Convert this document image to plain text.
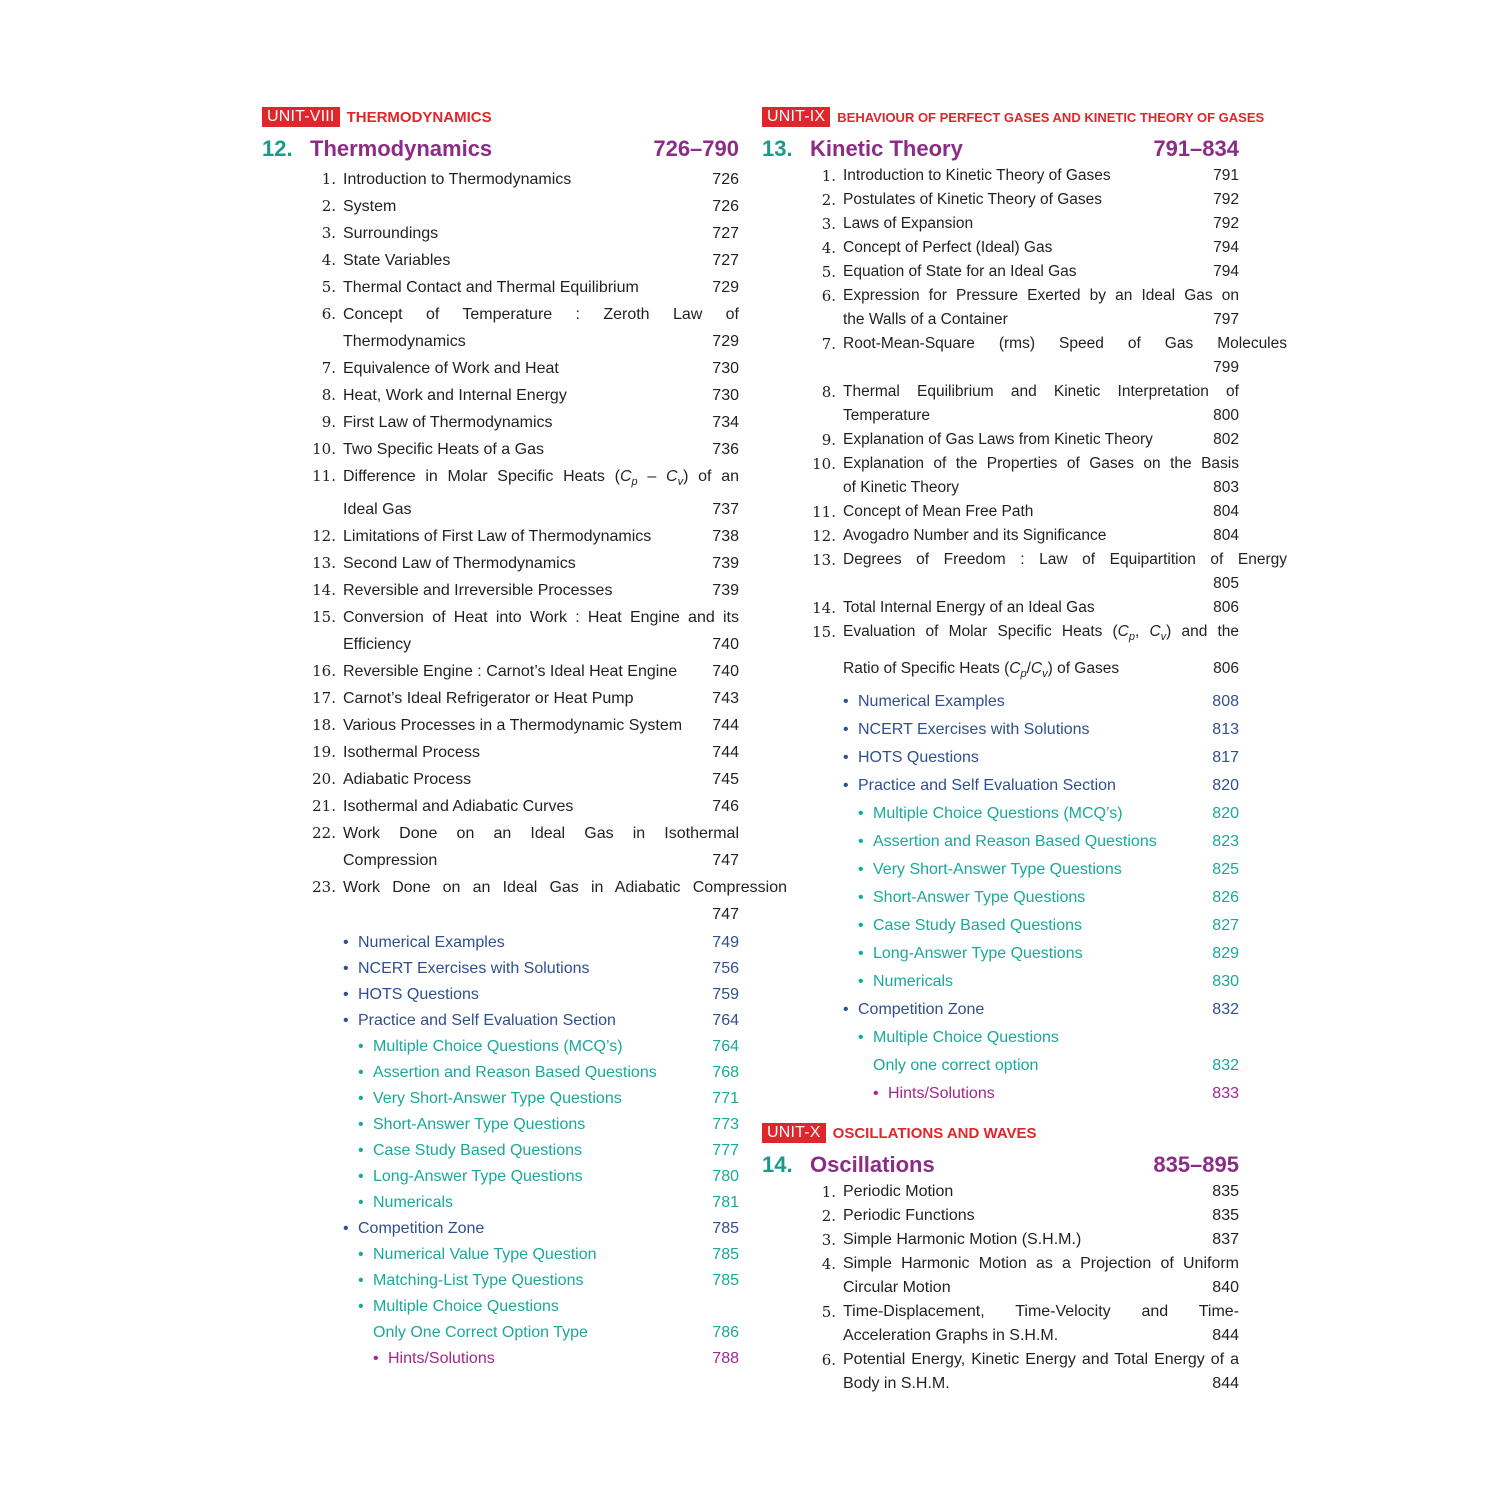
UNIT-VIII THERMODYNAMICS
12. Thermodynamics	726–790
1. Introduction to Thermodynamics	726
2. System	726
3. Surroundings	727
4. State Variables	727
5. Thermal Contact and Thermal Equilibrium	729
6. Concept of Temperature : Zeroth Law of
Thermodynamics	729
7. Equivalence of Work and Heat	730
8. Heat, Work and Internal Energy	730
9. First Law of Thermodynamics	734
10. Two Specific Heats of a Gas	736
11. Difference in Molar Specific Heats $(C_p - C_v)$ of an
Ideal Gas	737
12. Limitations of First Law of Thermodynamics	738
13. Second Law of Thermodynamics	739
14. Reversible and Irreversible Processes	739
15. Conversion of Heat into Work : Heat Engine and its
Efficiency	740
16. Reversible Engine : Carnot’s Ideal Heat Engine	740
17. Carnot’s Ideal Refrigerator or Heat Pump	743
18. Various Processes in a Thermodynamic System	744
19. Isothermal Process	744
20. Adiabatic Process	745
21. Isothermal and Adiabatic Curves	746
22. Work Done on an Ideal Gas in Isothermal
Compression	747
23. Work Done on an Ideal Gas in Adiabatic Compression
747
• Numerical Examples	749
• NCERT Exercises with Solutions	756
• HOTS Questions	759
• Practice and Self Evaluation Section	764
• Multiple Choice Questions (MCQ’s)	764
• Assertion and Reason Based Questions	768
• Very Short-Answer Type Questions	771
• Short-Answer Type Questions	773
• Case Study Based Questions	777
• Long-Answer Type Questions	780
• Numericals	781
• Competition Zone	785
• Numerical Value Type Question	785
• Matching-List Type Questions	785
• Multiple Choice Questions
Only One Correct Option Type	786
• Hints/Solutions	788
UNIT-IX BEHAVIOUR OF PERFECT GASES AND KINETIC THEORY OF GASES
13. Kinetic Theory	791–834
1. Introduction to Kinetic Theory of Gases	791
2. Postulates of Kinetic Theory of Gases	792
3. Laws of Expansion	792
4. Concept of Perfect (Ideal) Gas	794
5. Equation of State for an Ideal Gas	794
6. Expression for Pressure Exerted by an Ideal Gas on
the Walls of a Container	797
7. Root-Mean-Square (rms) Speed of Gas Molecules
799
8. Thermal Equilibrium and Kinetic Interpretation of
Temperature	800
9. Explanation of Gas Laws from Kinetic Theory	802
10. Explanation of the Properties of Gases on the Basis
of Kinetic Theory	803
11. Concept of Mean Free Path	804
12. Avogadro Number and its Significance	804
13. Degrees of Freedom : Law of Equipartition of Energy
805
14. Total Internal Energy of an Ideal Gas	806
15. Evaluation of Molar Specific Heats ($C_p$, $C_v$) and the
Ratio of Specific Heats $(C_p/C_v)$ of Gases	806
• Numerical Examples	808
• NCERT Exercises with Solutions	813
• HOTS Questions	817
• Practice and Self Evaluation Section	820
• Multiple Choice Questions (MCQ’s)	820
• Assertion and Reason Based Questions	823
• Very Short-Answer Type Questions	825
• Short-Answer Type Questions	826
• Case Study Based Questions	827
• Long-Answer Type Questions	829
• Numericals	830
• Competition Zone	832
• Multiple Choice Questions
Only one correct option	832
• Hints/Solutions	833
UNIT-X OSCILLATIONS AND WAVES
14. Oscillations	835–895
1. Periodic Motion	835
2. Periodic Functions	835
3. Simple Harmonic Motion (S.H.M.)	837
4. Simple Harmonic Motion as a Projection of Uniform
Circular Motion	840
5. Time-Displacement, Time-Velocity and Time-
Acceleration Graphs in S.H.M.	844
6. Potential Energy, Kinetic Energy and Total Energy of a
Body in S.H.M.	844
